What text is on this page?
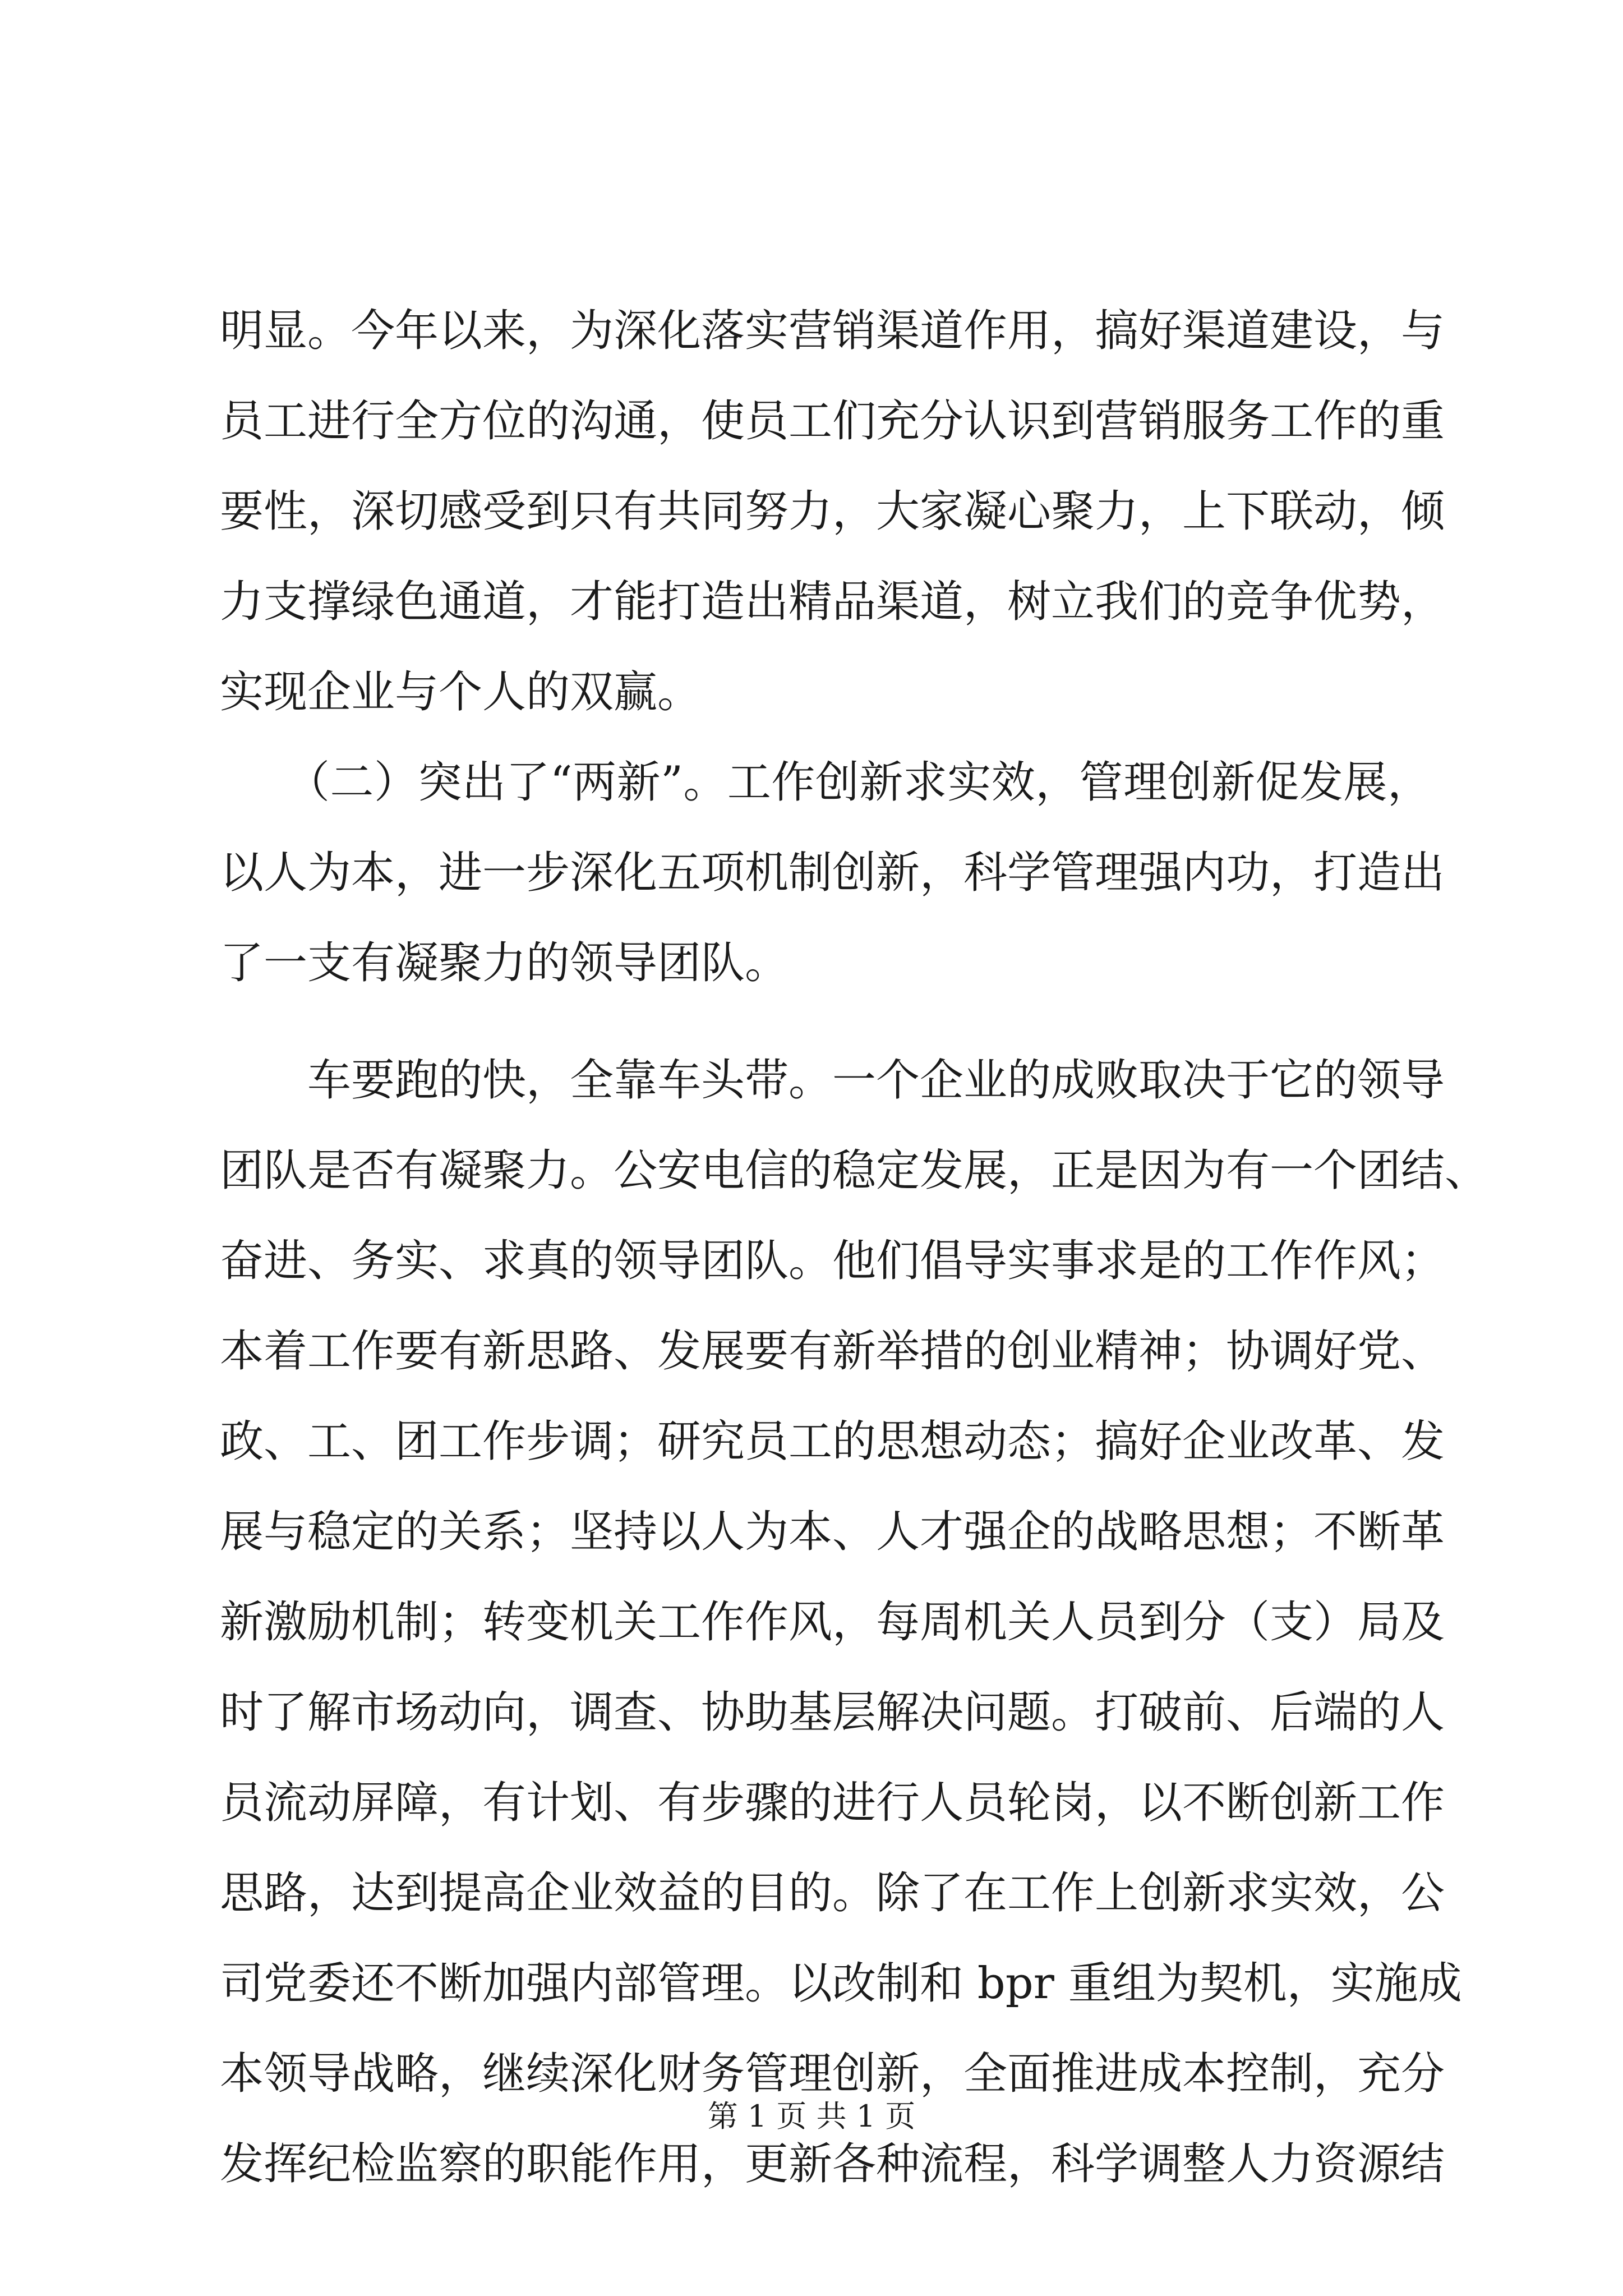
明显。今年以来，为深化落实营销渠道作用，搞好渠道建设，与
员工进行全方位的沟通，使员工们充分认识到营销服务工作的重
要性，深切感受到只有共同努力，大家凝心聚力，上下联动，倾
力支撑绿色通道，才能打造出精品渠道，树立我们的竞争优势，
实现企业与个人的双赢。
　　（二）突出了“两新”。工作创新求实效，管理创新促发展，
以人为本，进一步深化五项机制创新，科学管理强内功，打造出
了一支有凝聚力的领导团队。
　　车要跑的快，全靠车头带。一个企业的成败取决于它的领导
团队是否有凝聚力。公安电信的稳定发展，正是因为有一个团结、
奋进、务实、求真的领导团队。他们倡导实事求是的工作作风；
本着工作要有新思路、发展要有新举措的创业精神；协调好党、
政、工、团工作步调；研究员工的思想动态；搞好企业改革、发
展与稳定的关系；坚持以人为本、人才强企的战略思想；不断革
新激励机制；转变机关工作作风，每周机关人员到分（支）局及
时了解市场动向，调查、协助基层解决问题。打破前、后端的人
员流动屏障，有计划、有步骤的进行人员轮岗，以不断创新工作
思路，达到提高企业效益的目的。除了在工作上创新求实效，公
司党委还不断加强内部管理。以改制和 bpr 重组为契机，实施成
本领导战略，继续深化财务管理创新，全面推进成本控制，充分
发挥纪检监察的职能作用，更新各种流程，科学调整人力资源结
第 1 页 共 1 页
